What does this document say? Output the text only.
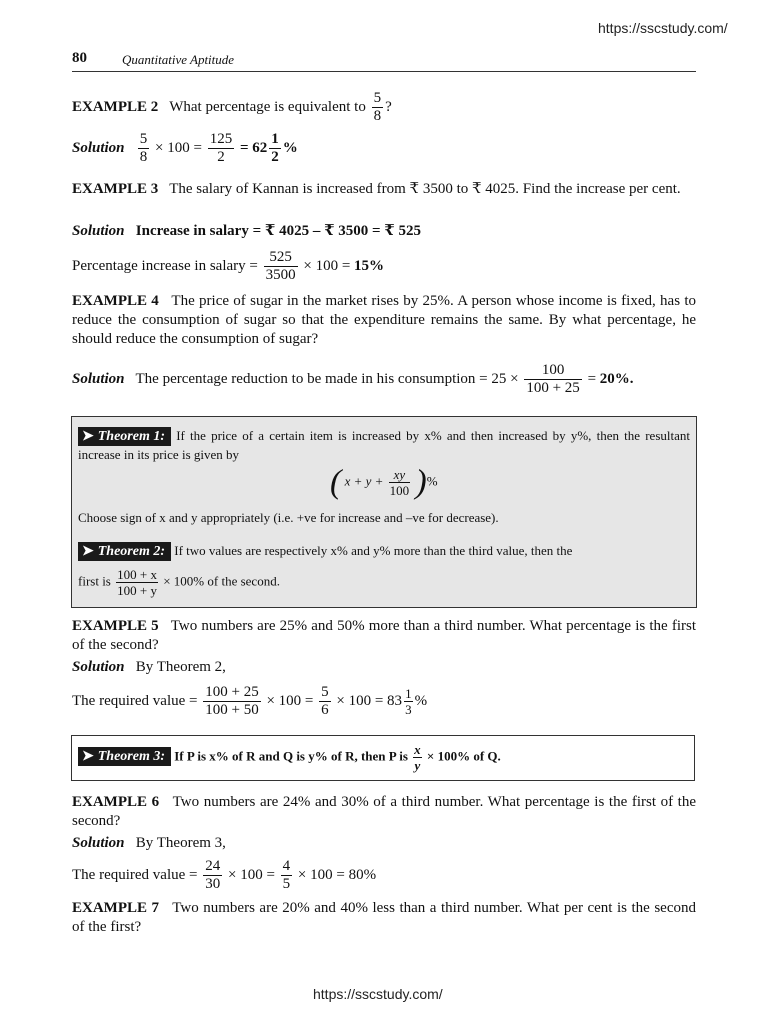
https://sscstudy.com/
80	Quantitative Aptitude
EXAMPLE 2 What percentage is equivalent to $\frac{5}{8}$ ?
Solution $\frac{5}{8} \times 100 = \frac{125}{2} = 62 \frac{1}{2}$ %
EXAMPLE 3 The salary of Kannan is increased from ₹ 3500 to ₹ 4025. Find the increase per cent.
Solution Increase in salary = ₹ 4025 – ₹ 3500 = ₹ 525
Percentage increase in salary = $\frac{525}{3500} \times 100 = 15\%$
EXAMPLE 4 The price of sugar in the market rises by 25%. A person whose income is fixed, has to reduce the consumption of sugar so that the expenditure remains the same. By what percentage, he should reduce the consumption of sugar?
Solution The percentage reduction to be made in his consumption = $25 \times \frac{100}{100 + 25} = 20\%$.
➤ Theorem 1: If the price of a certain item is increased by x% and then increased by y%, then the resultant increase in its price is given by
( $x + y + \frac{xy}{100}$ )%
Choose sign of x and y appropriately (i.e. +ve for increase and –ve for decrease).
➤ Theorem 2: If two values are respectively x% and y% more than the third value, then the
first is $\frac{100 + x}{100 + y} \times 100\%$ of the second.
EXAMPLE 5 Two numbers are 25% and 50% more than a third number. What percentage is the first of the second?
Solution By Theorem 2,
The required value = $\frac{100 + 25}{100 + 50} \times 100 = \frac{5}{6} \times 100 = 83 \frac{1}{3}$ %
➤ Theorem 3: If P is x% of R and Q is y% of R, then P is $\frac{x}{y} \times 100\%$ of Q.
EXAMPLE 6 Two numbers are 24% and 30% of a third number. What percentage is the first of the second?
Solution By Theorem 3,
The required value = $\frac{24}{30} \times 100 = \frac{4}{5} \times 100 = 80\%$
EXAMPLE 7 Two numbers are 20% and 40% less than a third number. What per cent is the second of the first?
https://sscstudy.com/
